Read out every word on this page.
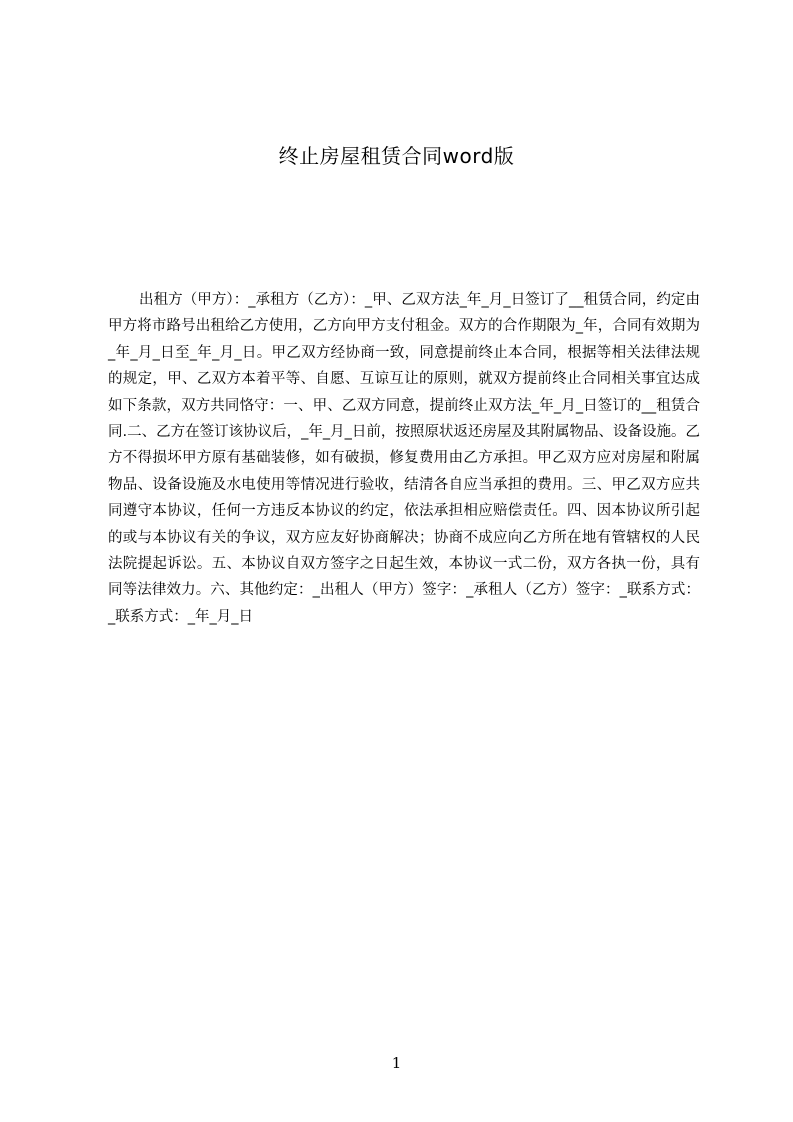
终止房屋租赁合同word版

出租方（甲方）：_承租方（乙方）：_甲、乙双方法_年_月_日签订了__租赁合同，约定由甲方将市路号出租给乙方使用，乙方向甲方支付租金。双方的合作期限为_年，合同有效期为_年_月_日至_年_月_日。甲乙双方经协商一致，同意提前终止本合同，根据等相关法律法规的规定，甲、乙双方本着平等、自愿、互谅互让的原则，就双方提前终止合同相关事宜达成如下条款，双方共同恪守：一、甲、乙双方同意，提前终止双方法_年_月_日签订的__租赁合同.二、乙方在签订该协议后，_年_月_日前，按照原状返还房屋及其附属物品、设备设施。乙方不得损坏甲方原有基础装修，如有破损，修复费用由乙方承担。甲乙双方应对房屋和附属物品、设备设施及水电使用等情况进行验收，结清各自应当承担的费用。三、甲乙双方应共同遵守本协议，任何一方违反本协议的约定，依法承担相应赔偿责任。四、因本协议所引起的或与本协议有关的争议，双方应友好协商解决；协商不成应向乙方所在地有管辖权的人民法院提起诉讼。五、本协议自双方签字之日起生效，本协议一式二份，双方各执一份，具有同等法律效力。六、其他约定：_出租人（甲方）签字：_承租人（乙方）签字：_联系方式：_联系方式：_年_月_日

1
